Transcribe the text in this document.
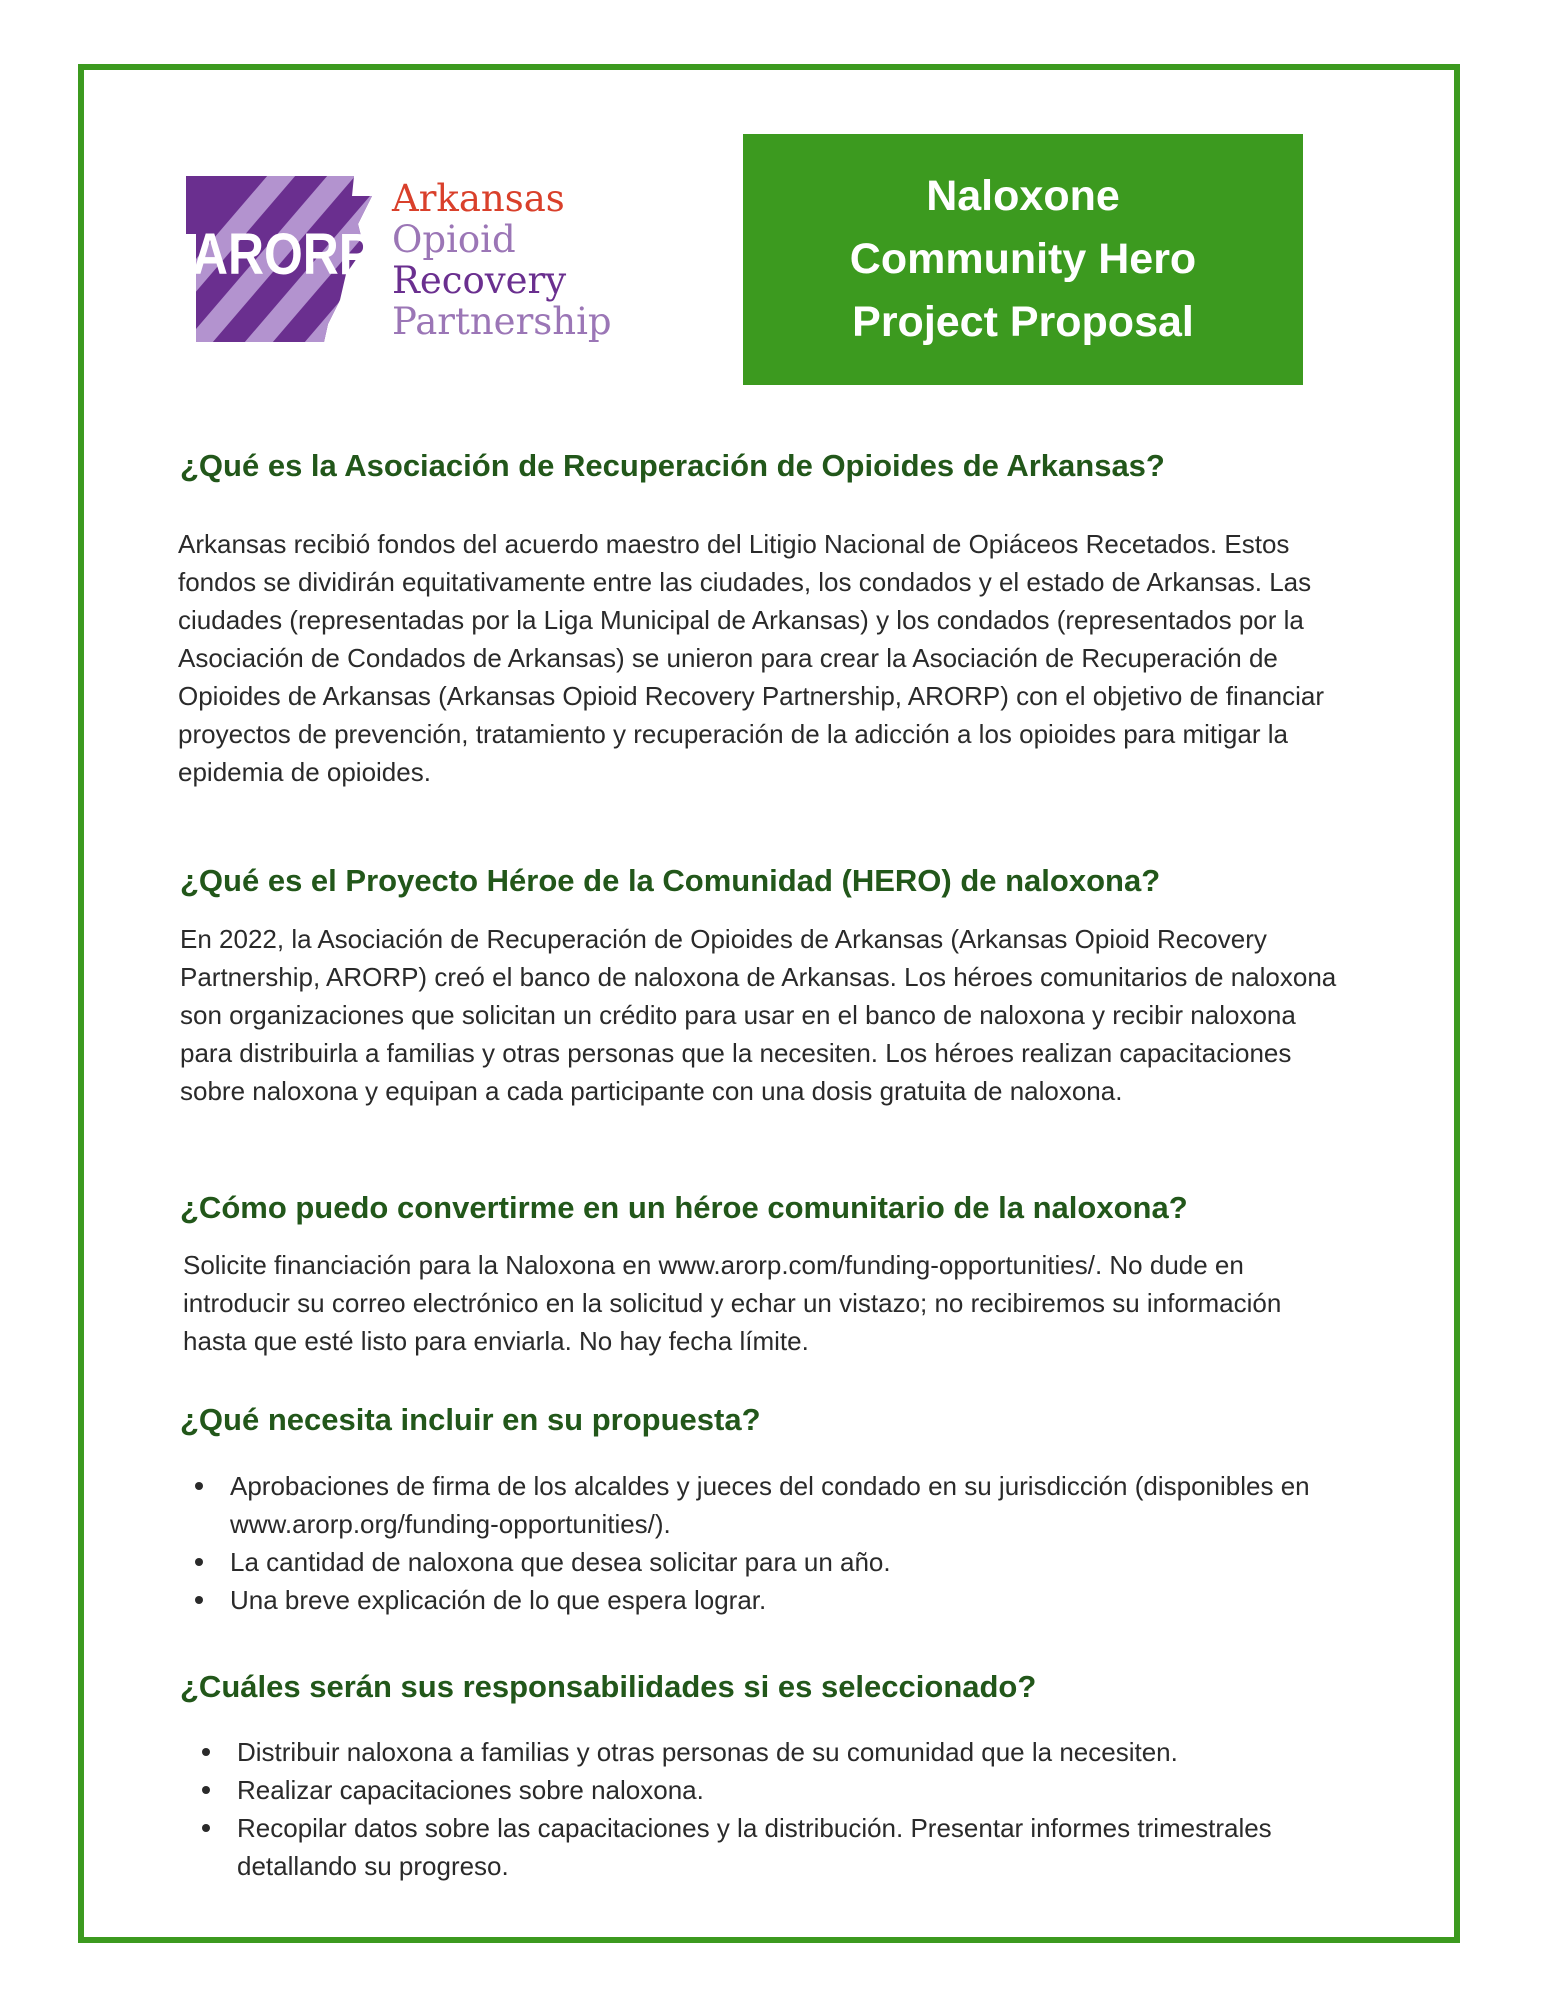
ARORP
Arkansas
Opioid
Recovery
Partnership
Naloxone
Community Hero
Project Proposal
¿Qué es la Asociación de Recuperación de Opioides de Arkansas?

Arkansas recibió fondos del acuerdo maestro del Litigio Nacional de Opiáceos Recetados. Estos fondos se dividirán equitativamente entre las ciudades, los condados y el estado de Arkansas. Las ciudades (representadas por la Liga Municipal de Arkansas) y los condados (representados por la Asociación de Condados de Arkansas) se unieron para crear la Asociación de Recuperación de Opioides de Arkansas (Arkansas Opioid Recovery Partnership, ARORP) con el objetivo de financiar proyectos de prevención, tratamiento y recuperación de la adicción a los opioides para mitigar la epidemia de opioides.

¿Qué es el Proyecto Héroe de la Comunidad (HERO) de naloxona?

En 2022, la Asociación de Recuperación de Opioides de Arkansas (Arkansas Opioid Recovery Partnership, ARORP) creó el banco de naloxona de Arkansas. Los héroes comunitarios de naloxona son organizaciones que solicitan un crédito para usar en el banco de naloxona y recibir naloxona para distribuirla a familias y otras personas que la necesiten. Los héroes realizan capacitaciones sobre naloxona y equipan a cada participante con una dosis gratuita de naloxona.

¿Cómo puedo convertirme en un héroe comunitario de la naloxona?

Solicite financiación para la Naloxona en www.arorp.com/funding-opportunities/. No dude en introducir su correo electrónico en la solicitud y echar un vistazo; no recibiremos su información hasta que esté listo para enviarla. No hay fecha límite.

¿Qué necesita incluir en su propuesta?
Aprobaciones de firma de los alcaldes y jueces del condado en su jurisdicción (disponibles en www.arorp.org/funding-opportunities/).
La cantidad de naloxona que desea solicitar para un año.
Una breve explicación de lo que espera lograr.
¿Cuáles serán sus responsabilidades si es seleccionado?
Distribuir naloxona a familias y otras personas de su comunidad que la necesiten.
Realizar capacitaciones sobre naloxona.
Recopilar datos sobre las capacitaciones y la distribución. Presentar informes trimestrales detallando su progreso.
